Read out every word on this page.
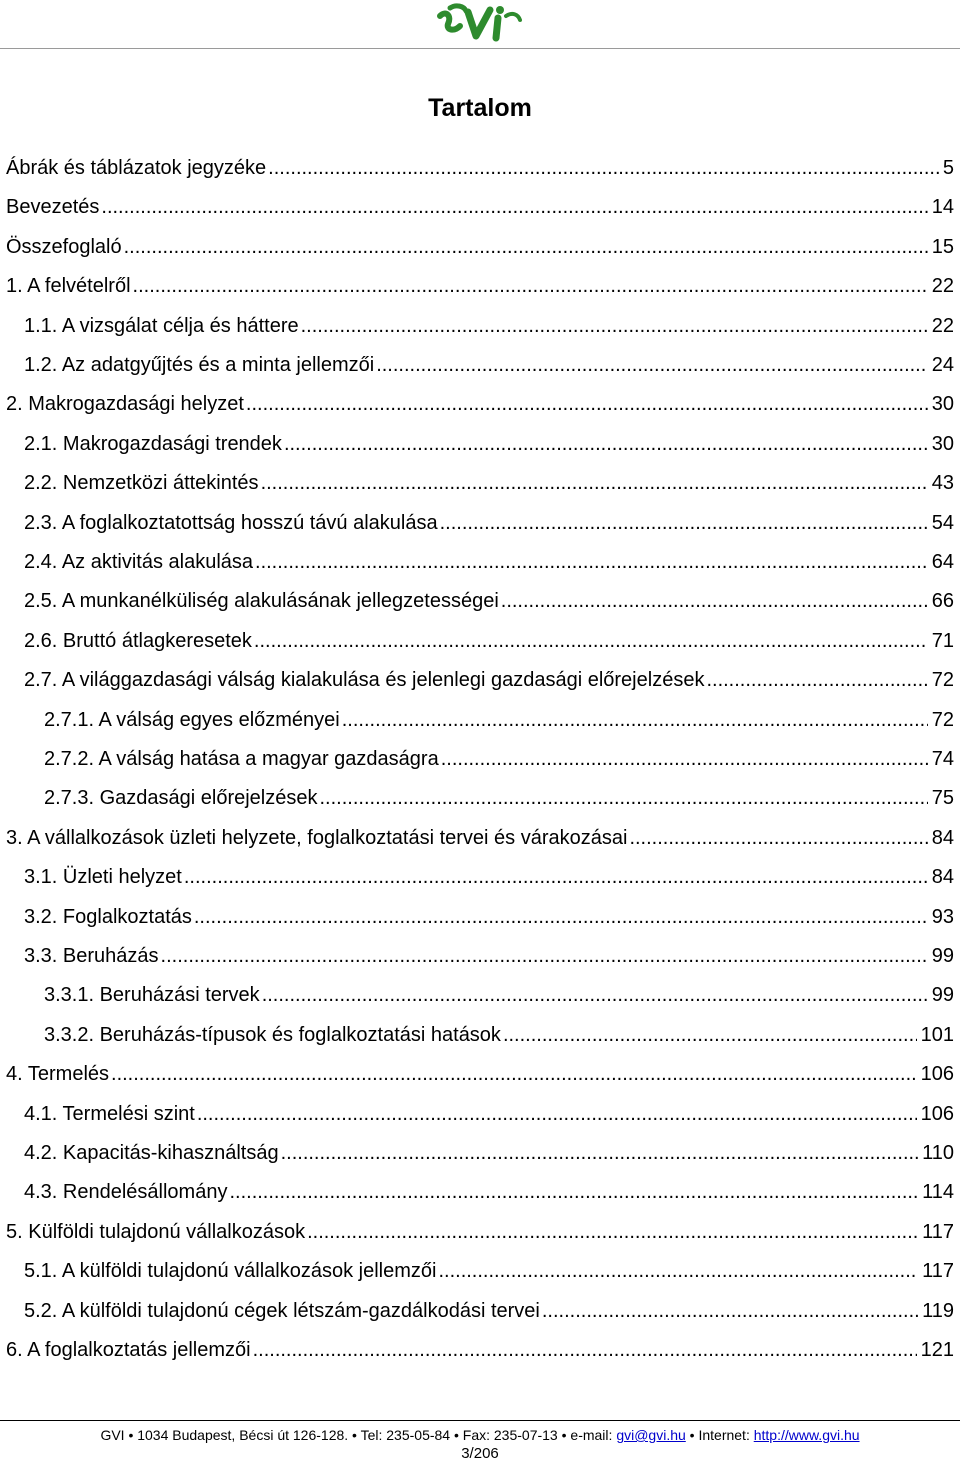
Tartalom
Ábrák és táblázatok jegyzéke .....	5
Bevezetés .....	14
Összefoglaló .....	15
1. A felvételről .....	22
1.1. A vizsgálat célja és háttere .....	22
1.2. Az adatgyűjtés és a minta jellemzői .....	24
2. Makrogazdasági helyzet .....	30
2.1. Makrogazdasági trendek .....	30
2.2. Nemzetközi áttekintés .....	43
2.3. A foglalkoztatottság hosszú távú alakulása .....	54
2.4. Az aktivitás alakulása .....	64
2.5. A munkanélküliség alakulásának jellegzetességei .....	66
2.6. Bruttó átlagkeresetek .....	71
2.7. A világgazdasági válság kialakulása és jelenlegi gazdasági előrejelzések .....	72
2.7.1. A válság egyes előzményei .....	72
2.7.2. A válság hatása a magyar gazdaságra .....	74
2.7.3. Gazdasági előrejelzések .....	75
3. A vállalkozások üzleti helyzete, foglalkoztatási tervei és várakozásai .....	84
3.1. Üzleti helyzet .....	84
3.2. Foglalkoztatás .....	93
3.3. Beruházás .....	99
3.3.1. Beruházási tervek .....	99
3.3.2. Beruházás-típusok és foglalkoztatási hatások .....	101
4. Termelés .....	106
4.1. Termelési szint .....	106
4.2. Kapacitás-kihasználtság .....	110
4.3. Rendelésállomány .....	114
5. Külföldi tulajdonú vállalkozások .....	117
5.1. A külföldi tulajdonú vállalkozások jellemzői .....	117
5.2. A külföldi tulajdonú cégek létszám-gazdálkodási tervei .....	119
6. A foglalkoztatás jellemzői .....	121
GVI • 1034 Budapest, Bécsi út 126-128. • Tel: 235-05-84 • Fax: 235-07-13 • e-mail: gvi@gvi.hu • Internet: http://www.gvi.hu
3/206
